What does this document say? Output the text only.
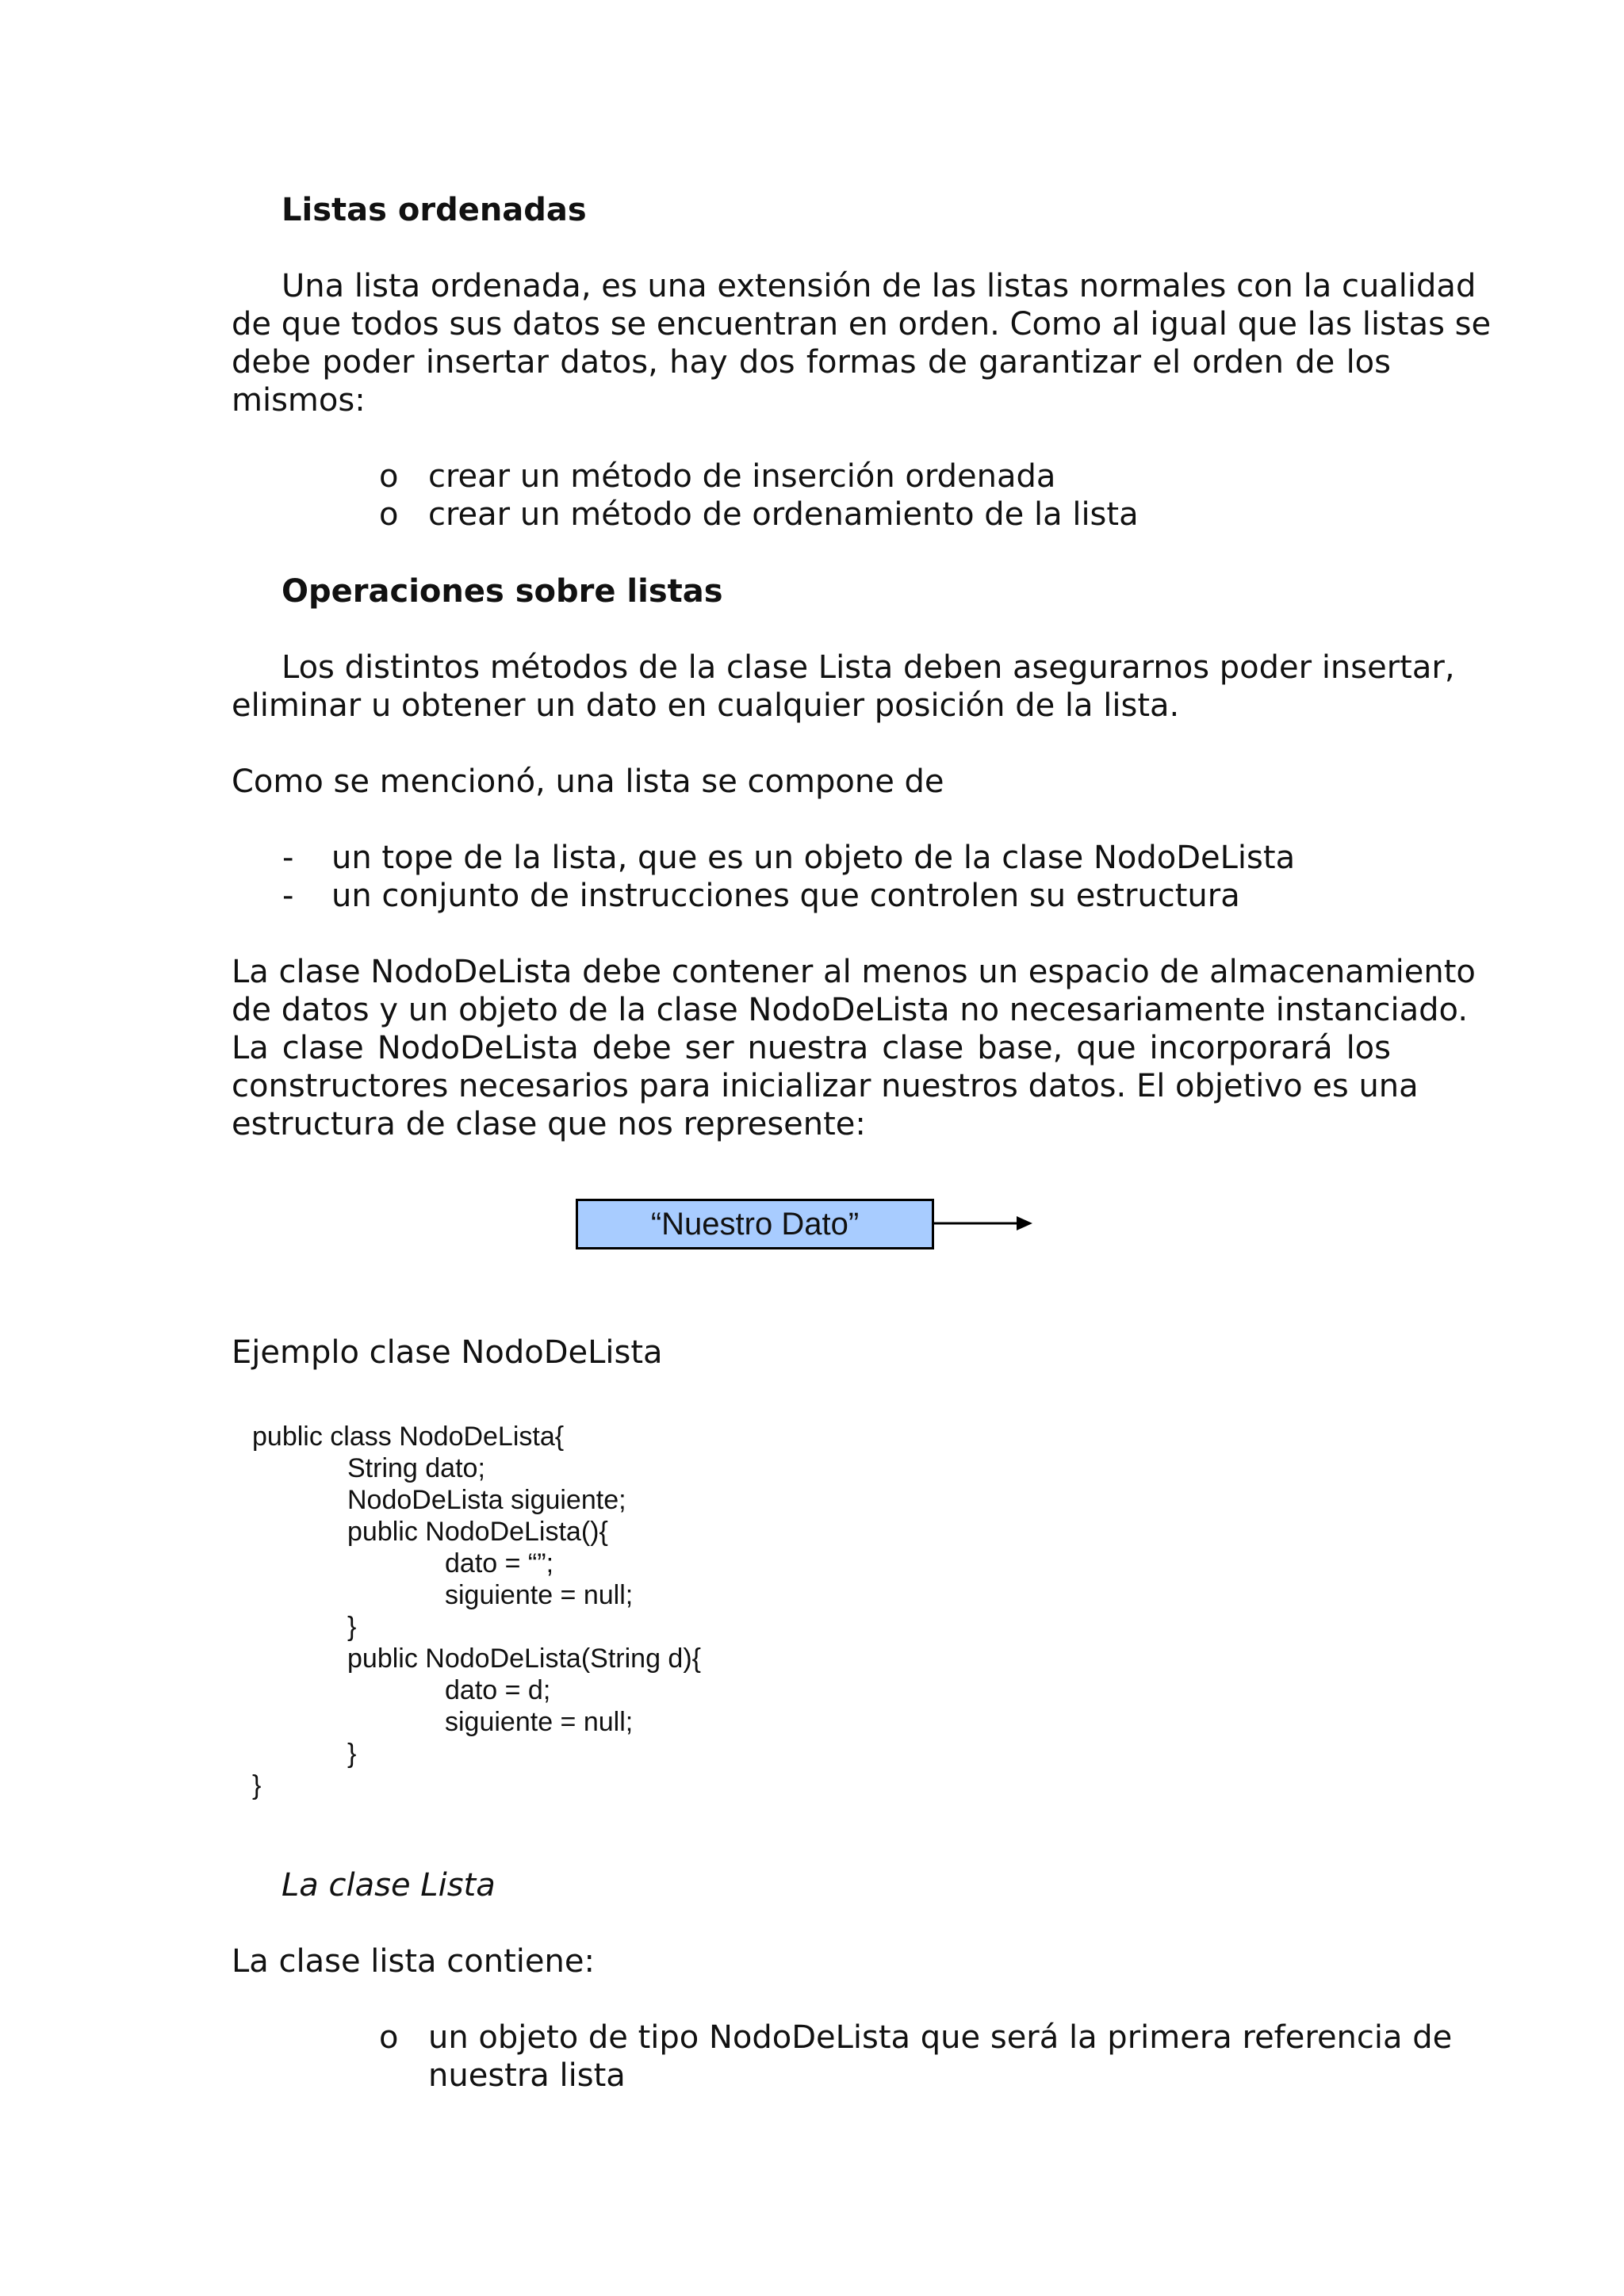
Listas ordenadas
Una lista ordenada, es una extensión de las listas normales con la cualidad
de que todos sus datos se encuentran en orden. Como al igual que las listas se
debe poder insertar datos, hay dos formas de garantizar el orden de los
mismos:
o crear un método de inserción ordenada
o crear un método de ordenamiento de la lista
Operaciones sobre listas
Los distintos métodos de la clase Lista deben asegurarnos poder insertar,
eliminar u obtener un dato en cualquier posición de la lista.
Como se mencionó, una lista se compone de
- un tope de la lista, que es un objeto de la clase NodoDeLista
- un conjunto de instrucciones que controlen su estructura
La clase NodoDeLista debe contener al menos un espacio de almacenamiento
de datos y un objeto de la clase NodoDeLista no necesariamente instanciado.
La clase NodoDeLista debe ser nuestra clase base, que incorporará los
constructores necesarios para inicializar nuestros datos. El objetivo es una
estructura de clase que nos represente:
“Nuestro Dato”
Ejemplo clase NodoDeLista
public class NodoDeLista{
String dato;
NodoDeLista siguiente;
public NodoDeLista(){
dato = “”;
siguiente = null;
}
public NodoDeLista(String d){
dato = d;
siguiente = null;
}
}
La clase Lista
La clase lista contiene:
o un objeto de tipo NodoDeLista que será la primera referencia de
nuestra lista
